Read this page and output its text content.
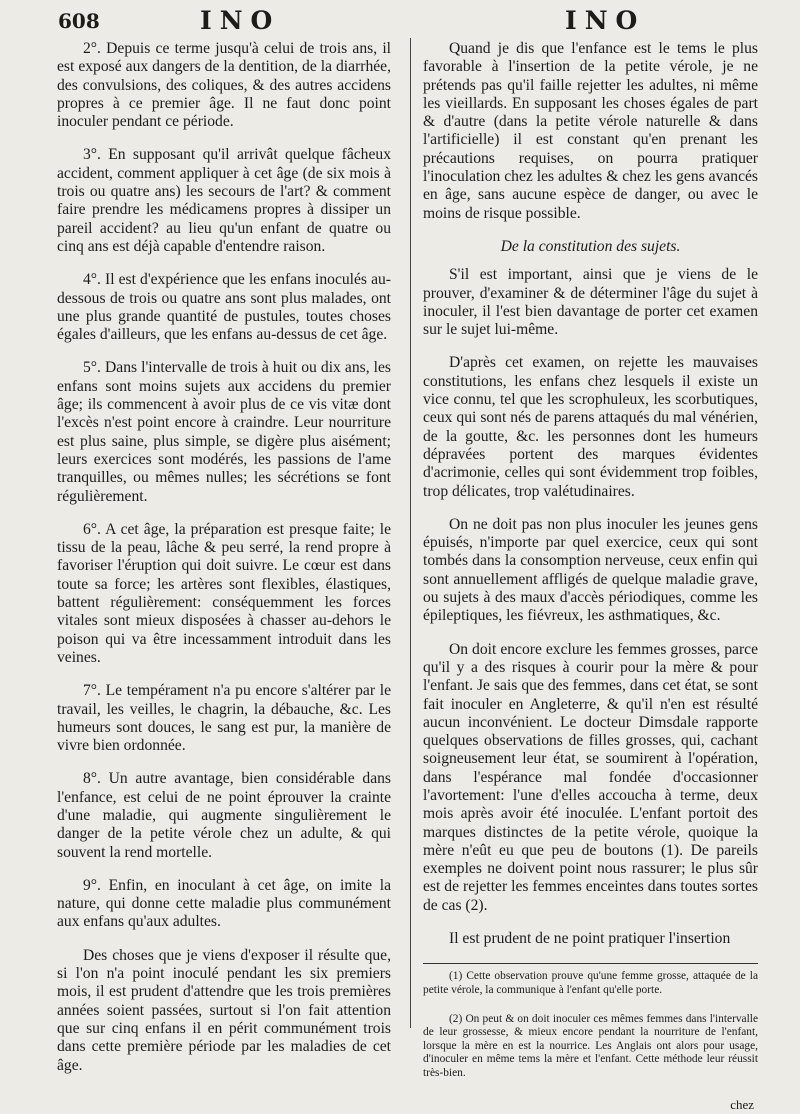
608	INO	INO

2°. Depuis ce terme jusqu'à celui de trois ans, il est exposé aux dangers de la dentition, de la diarrhée, des convulsions, des coliques, & des autres accidens propres à ce premier âge. Il ne faut donc point inoculer pendant ce période.

3°. En supposant qu'il arrivât quelque fâcheux accident, comment appliquer à cet âge (de six mois à trois ou quatre ans) les secours de l'art? & comment faire prendre les médicamens propres à dissiper un pareil accident? au lieu qu'un enfant de quatre ou cinq ans est déjà capable d'entendre raison.

4°. Il est d'expérience que les enfans inoculés au-dessous de trois ou quatre ans sont plus malades, ont une plus grande quantité de pustules, toutes choses égales d'ailleurs, que les enfans au-dessus de cet âge.

5°. Dans l'intervalle de trois à huit ou dix ans, les enfans sont moins sujets aux accidens du premier âge; ils commencent à avoir plus de ce vis vitæ dont l'excès n'est point encore à craindre. Leur nourriture est plus saine, plus simple, se digère plus aisément; leurs exercices sont modérés, les passions de l'ame tranquilles, ou mêmes nulles; les sécrétions se font régulièrement.

6°. A cet âge, la préparation est presque faite; le tissu de la peau, lâche & peu serré, la rend propre à favoriser l'éruption qui doit suivre. Le cœur est dans toute sa force; les artères sont flexibles, élastiques, battent régulièrement: conséquemment les forces vitales sont mieux disposées à chasser au-dehors le poison qui va être incessamment introduit dans les veines.

7°. Le tempérament n'a pu encore s'altérer par le travail, les veilles, le chagrin, la débauche, &c. Les humeurs sont douces, le sang est pur, la manière de vivre bien ordonnée.

8°. Un autre avantage, bien considérable dans l'enfance, est celui de ne point éprouver la crainte d'une maladie, qui augmente singulièrement le danger de la petite vérole chez un adulte, & qui souvent la rend mortelle.

9°. Enfin, en inoculant à cet âge, on imite la nature, qui donne cette maladie plus communément aux enfans qu'aux adultes.

Des choses que je viens d'exposer il résulte que, si l'on n'a point inoculé pendant les six premiers mois, il est prudent d'attendre que les trois premières années soient passées, surtout si l'on fait attention que sur cinq enfans il en périt communément trois dans cette première période par les maladies de cet âge.

Quand je dis que l'enfance est le tems le plus favorable à l'insertion de la petite vérole, je ne prétends pas qu'il faille rejetter les adultes, ni même les vieillards. En supposant les choses égales de part & d'autre (dans la petite vérole naturelle & dans l'artificielle) il est constant qu'en prenant les précautions requises, on pourra pratiquer l'inoculation chez les adultes & chez les gens avancés en âge, sans aucune espèce de danger, ou avec le moins de risque possible.

De la constitution des sujets.

S'il est important, ainsi que je viens de le prouver, d'examiner & de déterminer l'âge du sujet à inoculer, il l'est bien davantage de porter cet examen sur le sujet lui-même.

D'après cet examen, on rejette les mauvaises constitutions, les enfans chez lesquels il existe un vice connu, tel que les scrophuleux, les scorbutiques, ceux qui sont nés de parens attaqués du mal vénérien, de la goutte, &c. les personnes dont les humeurs dépravées portent des marques évidentes d'acrimonie, celles qui sont évidemment trop foibles, trop délicates, trop valétudinaires.

On ne doit pas non plus inoculer les jeunes gens épuisés, n'importe par quel exercice, ceux qui sont tombés dans la consomption nerveuse, ceux enfin qui sont annuellement affligés de quelque maladie grave, ou sujets à des maux d'accès périodiques, comme les épileptiques, les fiévreux, les asthmatiques, &c.

On doit encore exclure les femmes grosses, parce qu'il y a des risques à courir pour la mère & pour l'enfant. Je sais que des femmes, dans cet état, se sont fait inoculer en Angleterre, & qu'il n'en est résulté aucun inconvénient. Le docteur Dimsdale rapporte quelques observations de filles grosses, qui, cachant soigneusement leur état, se soumirent à l'opération, dans l'espérance mal fondée d'occasionner l'avortement: l'une d'elles accoucha à terme, deux mois après avoir été inoculée. L'enfant portoit des marques distinctes de la petite vérole, quoique la mère n'eût eu que peu de boutons (1). De pareils exemples ne doivent point nous rassurer; le plus sûr est de rejetter les femmes enceintes dans toutes sortes de cas (2).

Il est prudent de ne point pratiquer l'insertion

(1) Cette observation prouve qu'une femme grosse, attaquée de la petite vérole, la communique à l'enfant qu'elle porte.

(2) On peut & on doit inoculer ces mêmes femmes dans l'intervalle de leur grossesse, & mieux encore pendant la nourriture de l'enfant, lorsque la mère en est la nourrice. Les Anglais ont alors pour usage, d'inoculer en même tems la mère et l'enfant. Cette méthode leur réussit très-bien.

chez
